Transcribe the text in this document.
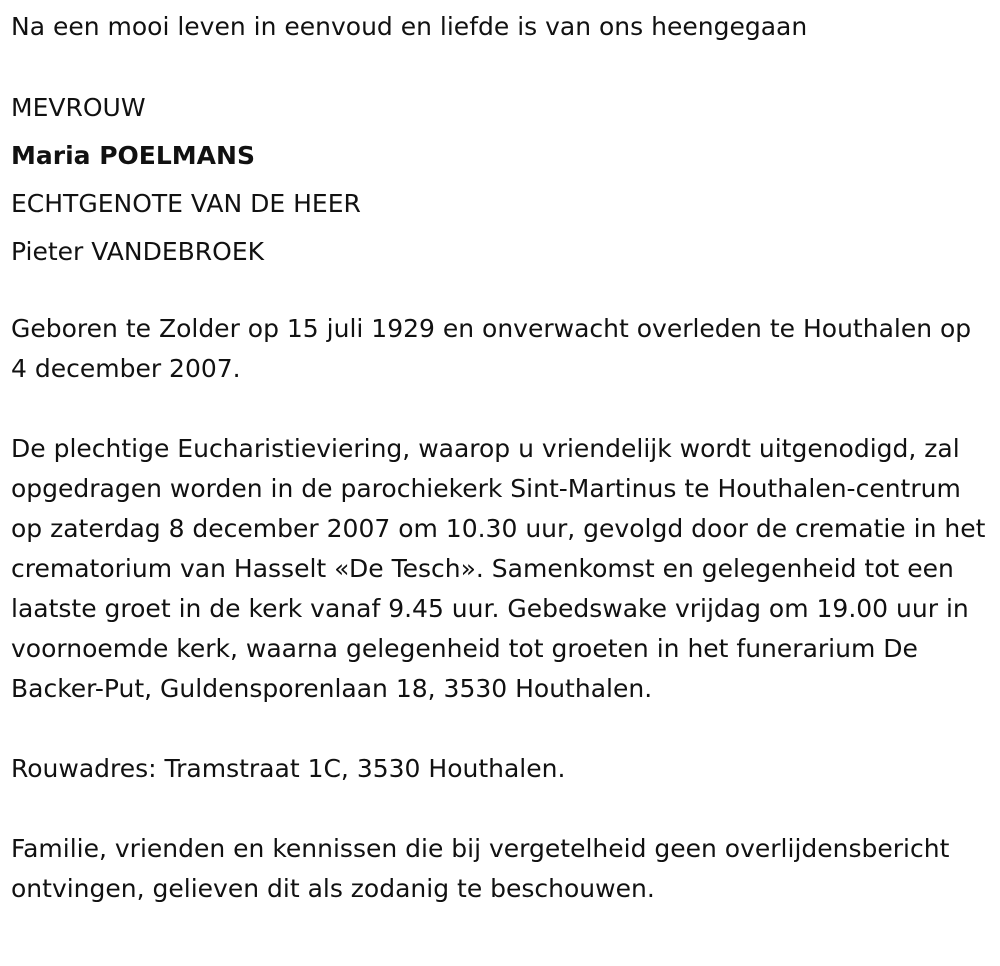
Na een mooi leven in eenvoud en liefde is van ons heengegaan

MEVROUW

Maria POELMANS

ECHTGENOTE VAN DE HEER

Pieter VANDEBROEK

Geboren te Zolder op 15 juli 1929 en onverwacht overleden te Houthalen op 4 december 2007.

De plechtige Eucharistieviering, waarop u vriendelijk wordt uitgenodigd, zal opgedragen worden in de parochiekerk Sint-Martinus te Houthalen-centrum op zaterdag 8 december 2007 om 10.30 uur, gevolgd door de crematie in het crematorium van Hasselt «De Tesch». Samenkomst en gelegenheid tot een laatste groet in de kerk vanaf 9.45 uur. Gebedswake vrijdag om 19.00 uur in voornoemde kerk, waarna gelegenheid tot groeten in het funerarium De Backer-Put, Guldensporenlaan 18, 3530 Houthalen.

Rouwadres: Tramstraat 1C, 3530 Houthalen.

Familie, vrienden en kennissen die bij vergetelheid geen overlijdensbericht ontvingen, gelieven dit als zodanig te beschouwen.
